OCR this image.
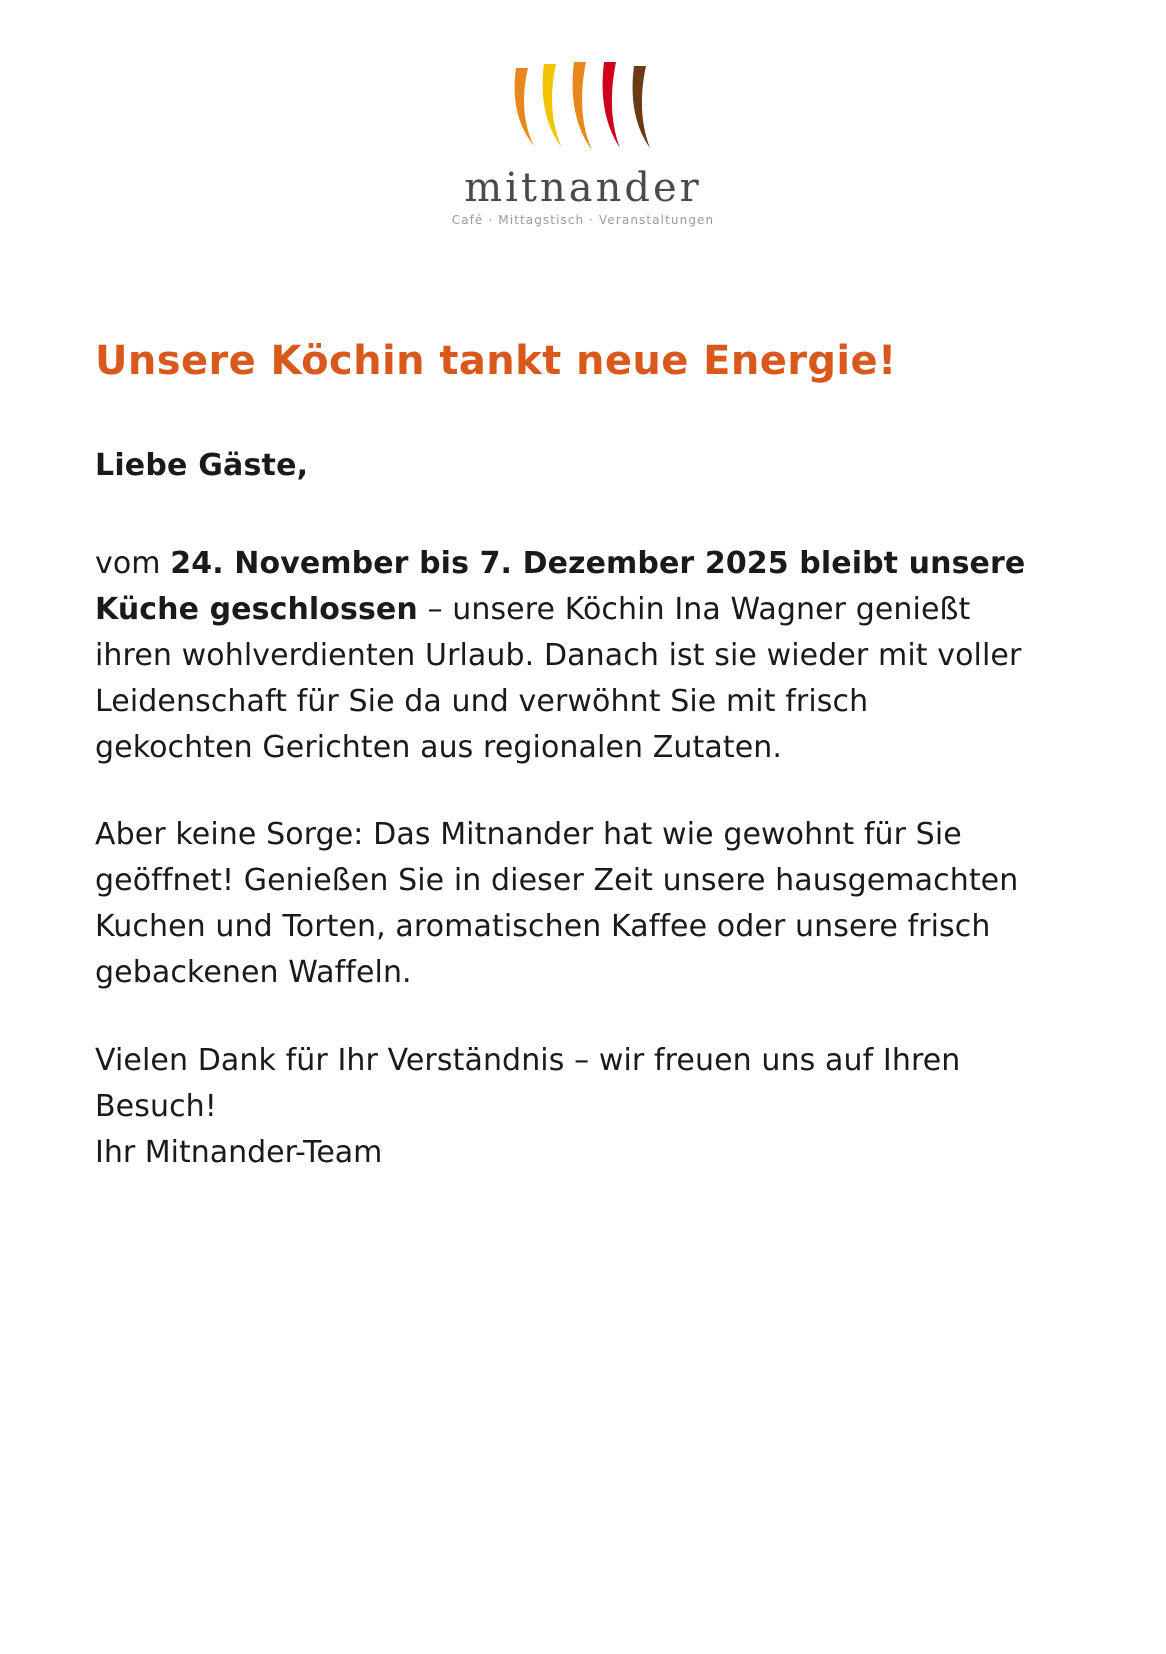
mitnander
Café · Mittagstisch · Veranstaltungen
Unsere Köchin tankt neue Energie!
Liebe Gäste,

vom 24. November bis 7. Dezember 2025 bleibt unsere Küche geschlossen – unsere Köchin Ina Wagner genießt ihren wohlverdienten Urlaub. Danach ist sie wieder mit voller Leidenschaft für Sie da und verwöhnt Sie mit frisch gekochten Gerichten aus regionalen Zutaten.

Aber keine Sorge: Das Mitnander hat wie gewohnt für Sie geöffnet! Genießen Sie in dieser Zeit unsere hausgemachten Kuchen und Torten, aromatischen Kaffee oder unsere frisch gebackenen Waffeln.

Vielen Dank für Ihr Verständnis – wir freuen uns auf Ihren Besuch!

Ihr Mitnander-Team
